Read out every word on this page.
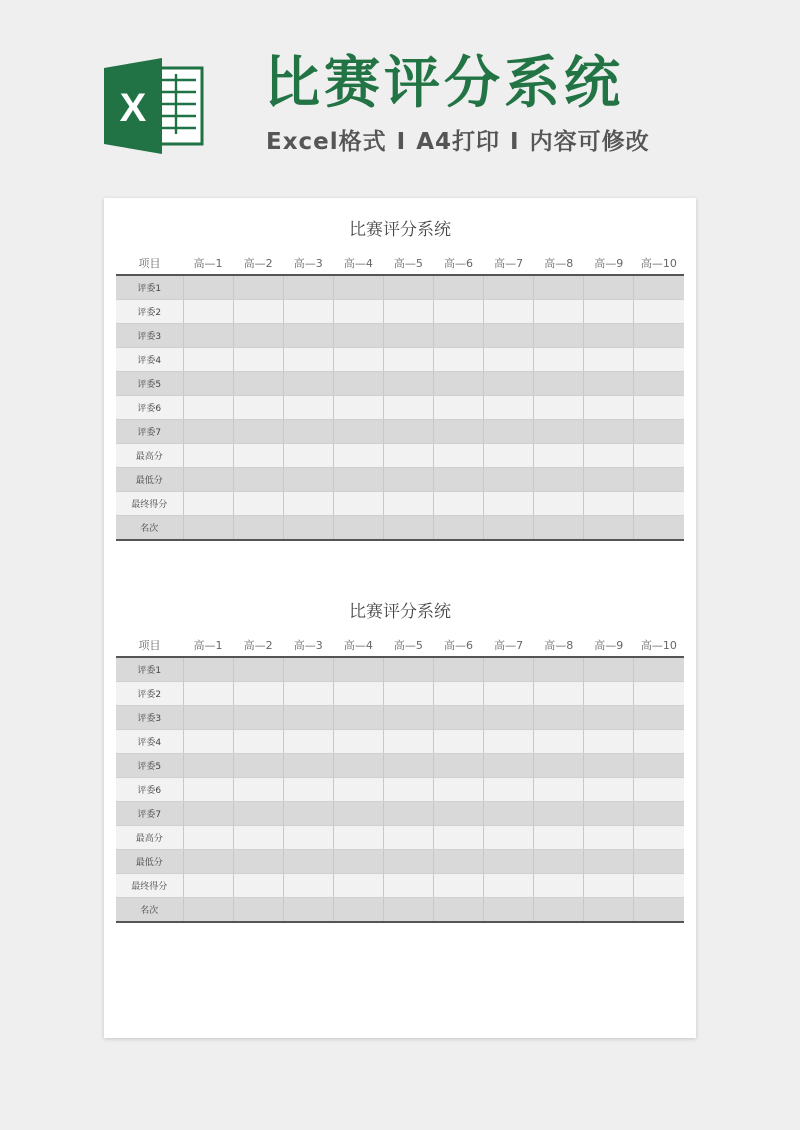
X 比赛评分系统
Excel格式 I A4打印 I 内容可修改
比赛评分系统
项目	高—1	高—2	高—3	高—4	高—5	高—6	高—7	高—8	高—9	高—10
评委1										
评委2										
评委3										
评委4										
评委5										
评委6										
评委7										
最高分										
最低分										
最终得分										
名次										
比赛评分系统
项目	高—1	高—2	高—3	高—4	高—5	高—6	高—7	高—8	高—9	高—10
评委1										
评委2										
评委3										
评委4										
评委5										
评委6										
评委7										
最高分										
最低分										
最终得分										
名次										
